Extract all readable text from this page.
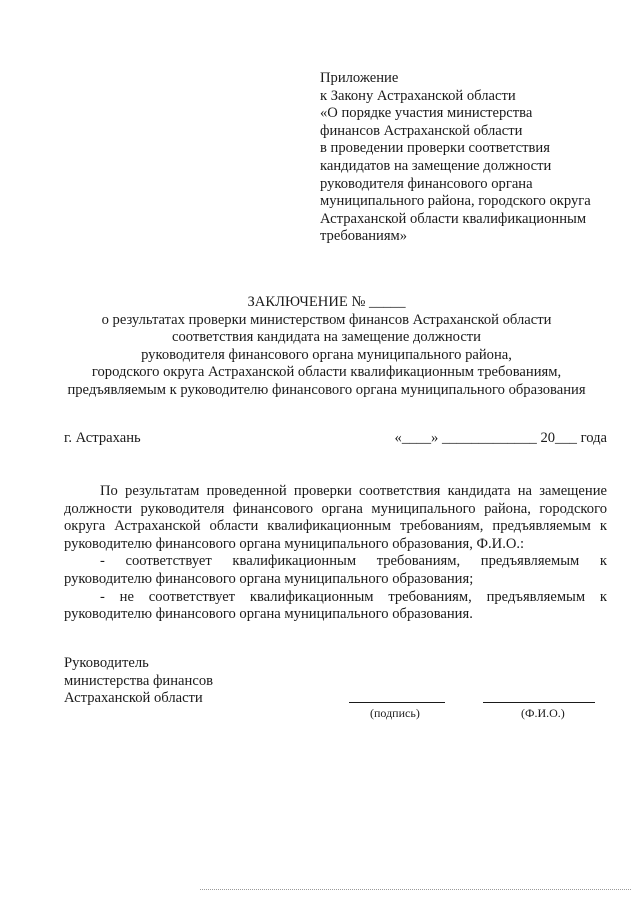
Приложение
к Закону Астраханской области
«О порядке участия министерства
финансов Астраханской области
в проведении проверки соответствия
кандидатов на замещение должности
руководителя финансового органа
муниципального района, городского округа
Астраханской области квалификационным
требованиям»
ЗАКЛЮЧЕНИЕ № _____
о результатах проверки министерством финансов Астраханской области
соответствия кандидата на замещение должности
руководителя финансового органа муниципального района,
городского округа Астраханской области квалификационным требованиям,
предъявляемым к руководителю финансового органа муниципального образования
г. Астрахань	«____» _____________ 20___ года

По результатам проведенной проверки соответствия кандидата на замещение должности руководителя финансового органа муниципального района, городского округа Астраханской области квалификационным требованиям, предъявляемым к руководителю финансового органа муниципального образования, Ф.И.О.:

- соответствует квалификационным требованиям, предъявляемым к руководителю финансового органа муниципального образования;

- не соответствует квалификационным требованиям, предъявляемым к руководителю финансового органа муниципального образования.

Руководитель
министерства финансов
Астраханской области
(подпись)	(Ф.И.О.)
